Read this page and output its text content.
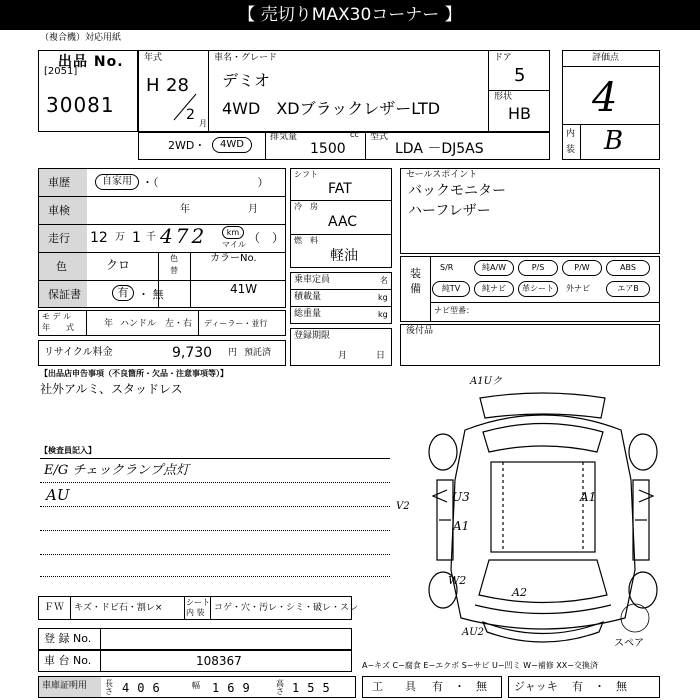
【 売切りMAX30コーナー 】
（複合機）対応用紙
出品 No.
[2051]
30081
年式
H 28
2
月
車名・グレード
デミオ
4WD　XDブラックレザーLTD
ドア
5
形状
HB
2WD・	4WD
排気量	cc
1500
型式
LDA －DJ5AS
評価点
4
内
装 B
車歴	自家用 ・（　　　　　　　　　）
車検	年	月
走行 12 万 1 千 472	km
マイル （　）
色	クロ	色
替
カラーNo.
41W
保証書	有 ・ 無
モ デ ル
年　　式	年 ハンドル　左・右 ディーラー・並行
リサイクル料金	9,730 円 預託済
シフト
FAT
冷　房
AAC
燃　料
軽油
乗車定員	名
積載量	kg
総重量	kg
登録期限
月	日
セールスポイント
バックモニター
ハーフレザー
装
備
S/R	純A/W	P/S	P/W	ABS
純TV	純ナビ	革シート	外ナビ	エアB
ナビ型番：
後付品
【出品店申告事項（不良箇所・欠品・注意事項等）】
社外アルミ、スタッドレス
【検査員記入】
E/G チェックランプ点灯
AU
A1Uク
V2
A1
U3	A1
W2
A2
AU2
スペア
ＦＷ キズ・ドビ石・割レ×
シート
内 装 コゲ・穴・汚レ・シミ・破レ・スレ
登 録 No.
車 台 No.	108367
車庫証明用 長さ 406	幅 169 高さ 155
A−キズ C−腐食 E−エクボ S−サビ U−凹ミ W−補修 XX−交換済
工　　具 有　・　無 ジャッキ 有　・　無
